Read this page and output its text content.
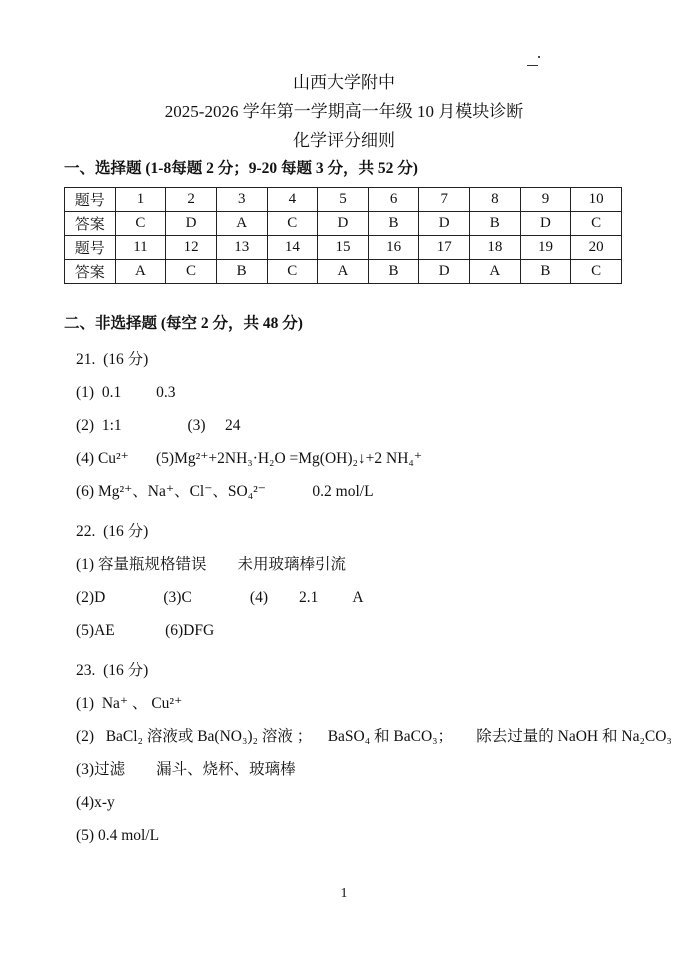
山西大学附中
2025-2026 学年第一学期高一年级 10 月模块诊断
化学评分细则
一、选择题 (1-8每题 2 分；9-20 每题 3 分，共 52 分)
题号	1	2	3	4	5	6	7	8	9	10
答案	C	D	A	C	D	B	D	B	D	C
题号	11	12	13	14	15	16	17	18	19	20
答案	A	C	B	C	A	B	D	A	B	C
二、非选择题 (每空 2 分，共 48 分)
21.  (16 分)
(1)  0.1         0.3
(2)  1:1                 (3)     24
(4) Cu²⁺       (5)Mg²⁺+2NH₃·H₂O =Mg(OH)₂↓+2 NH₄⁺
(6) Mg²⁺、Na⁺、Cl⁻、SO₄²⁻            0.2 mol/L
22.  (16 分)
(1) 容量瓶规格错误        未用玻璃棒引流
(2)D               (3)C               (4)        2.1         A
(5)AE             (6)DFG
23.  (16 分)
(1)  Na⁺ 、 Cu²⁺
(2)   BaCl₂ 溶液或 Ba(NO₃)₂ 溶液 ；    BaSO₄ 和 BaCO₃；      除去过量的 NaOH 和 Na₂CO₃
(3)过滤        漏斗、烧杯、玻璃棒
(4)x-y
(5) 0.4 mol/L
1
